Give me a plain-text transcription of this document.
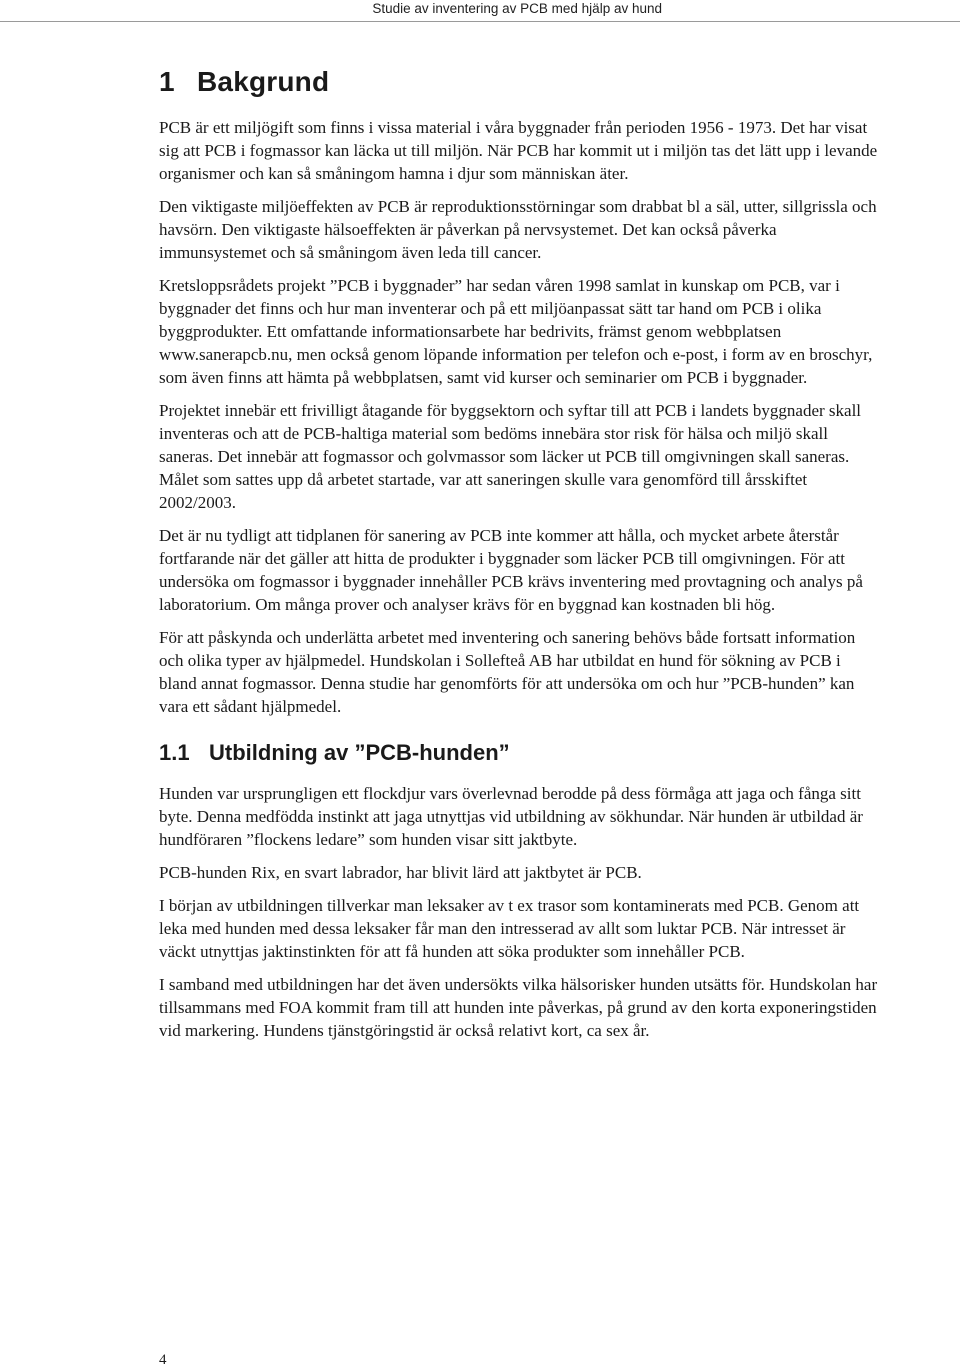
Studie av inventering av PCB med hjälp av hund
1 Bakgrund

PCB är ett miljögift som finns i vissa material i våra byggnader från perioden 1956 - 1973. Det har visat sig att PCB i fogmassor kan läcka ut till miljön. När PCB har kommit ut i miljön tas det lätt upp i levande organismer och kan så småningom hamna i djur som människan äter.

Den viktigaste miljöeffekten av PCB är reproduktionsstörningar som drabbat bl a säl, utter, sillgrissla och havsörn. Den viktigaste hälsoeffekten är påverkan på nervsystemet. Det kan också påverka immunsystemet och så småningom även leda till cancer.

Kretsloppsrådets projekt ”PCB i byggnader” har sedan våren 1998 samlat in kunskap om PCB, var i byggnader det finns och hur man inventerar och på ett miljöanpassat sätt tar hand om PCB i olika byggprodukter. Ett omfattande informationsarbete har bedrivits, främst genom webbplatsen www.sanerapcb.nu, men också genom löpande information per telefon och e-post, i form av en broschyr, som även finns att hämta på webbplatsen, samt vid kurser och seminarier om PCB i byggnader.

Projektet innebär ett frivilligt åtagande för byggsektorn och syftar till att PCB i landets byggnader skall inventeras och att de PCB-haltiga material som bedöms innebära stor risk för hälsa och miljö skall saneras. Det innebär att fogmassor och golvmassor som läcker ut PCB till omgivningen skall saneras. Målet som sattes upp då arbetet startade, var att saneringen skulle vara genomförd till årsskiftet 2002/2003.

Det är nu tydligt att tidplanen för sanering av PCB inte kommer att hålla, och mycket arbete återstår fortfarande när det gäller att hitta de produkter i byggnader som läcker PCB till omgivningen. För att undersöka om fogmassor i byggnader innehåller PCB krävs inventering med provtagning och analys på laboratorium. Om många prover och analyser krävs för en byggnad kan kostnaden bli hög.

För att påskynda och underlätta arbetet med inventering och sanering behövs både fortsatt information och olika typer av hjälpmedel. Hundskolan i Sollefteå AB har utbildat en hund för sökning av PCB i bland annat fogmassor. Denna studie har genomförts för att undersöka om och hur ”PCB-hunden” kan vara ett sådant hjälpmedel.

1.1 Utbildning av ”PCB-hunden”

Hunden var ursprungligen ett flockdjur vars överlevnad berodde på dess förmåga att jaga och fånga sitt byte. Denna medfödda instinkt att jaga utnyttjas vid utbildning av sökhundar. När hunden är utbildad är hundföraren ”flockens ledare” som hunden visar sitt jaktbyte.

PCB-hunden Rix, en svart labrador, har blivit lärd att jaktbytet är PCB.

I början av utbildningen tillverkar man leksaker av t ex trasor som kontaminerats med PCB. Genom att leka med hunden med dessa leksaker får man den intresserad av allt som luktar PCB. När intresset är väckt utnyttjas jaktinstinkten för att få hunden att söka produkter som innehåller PCB.

I samband med utbildningen har det även undersökts vilka hälsorisker hunden utsätts för. Hundskolan har tillsammans med FOA kommit fram till att hunden inte påverkas, på grund av den korta exponeringstiden vid markering. Hundens tjänstgöringstid är också relativt kort, ca sex år.

4
